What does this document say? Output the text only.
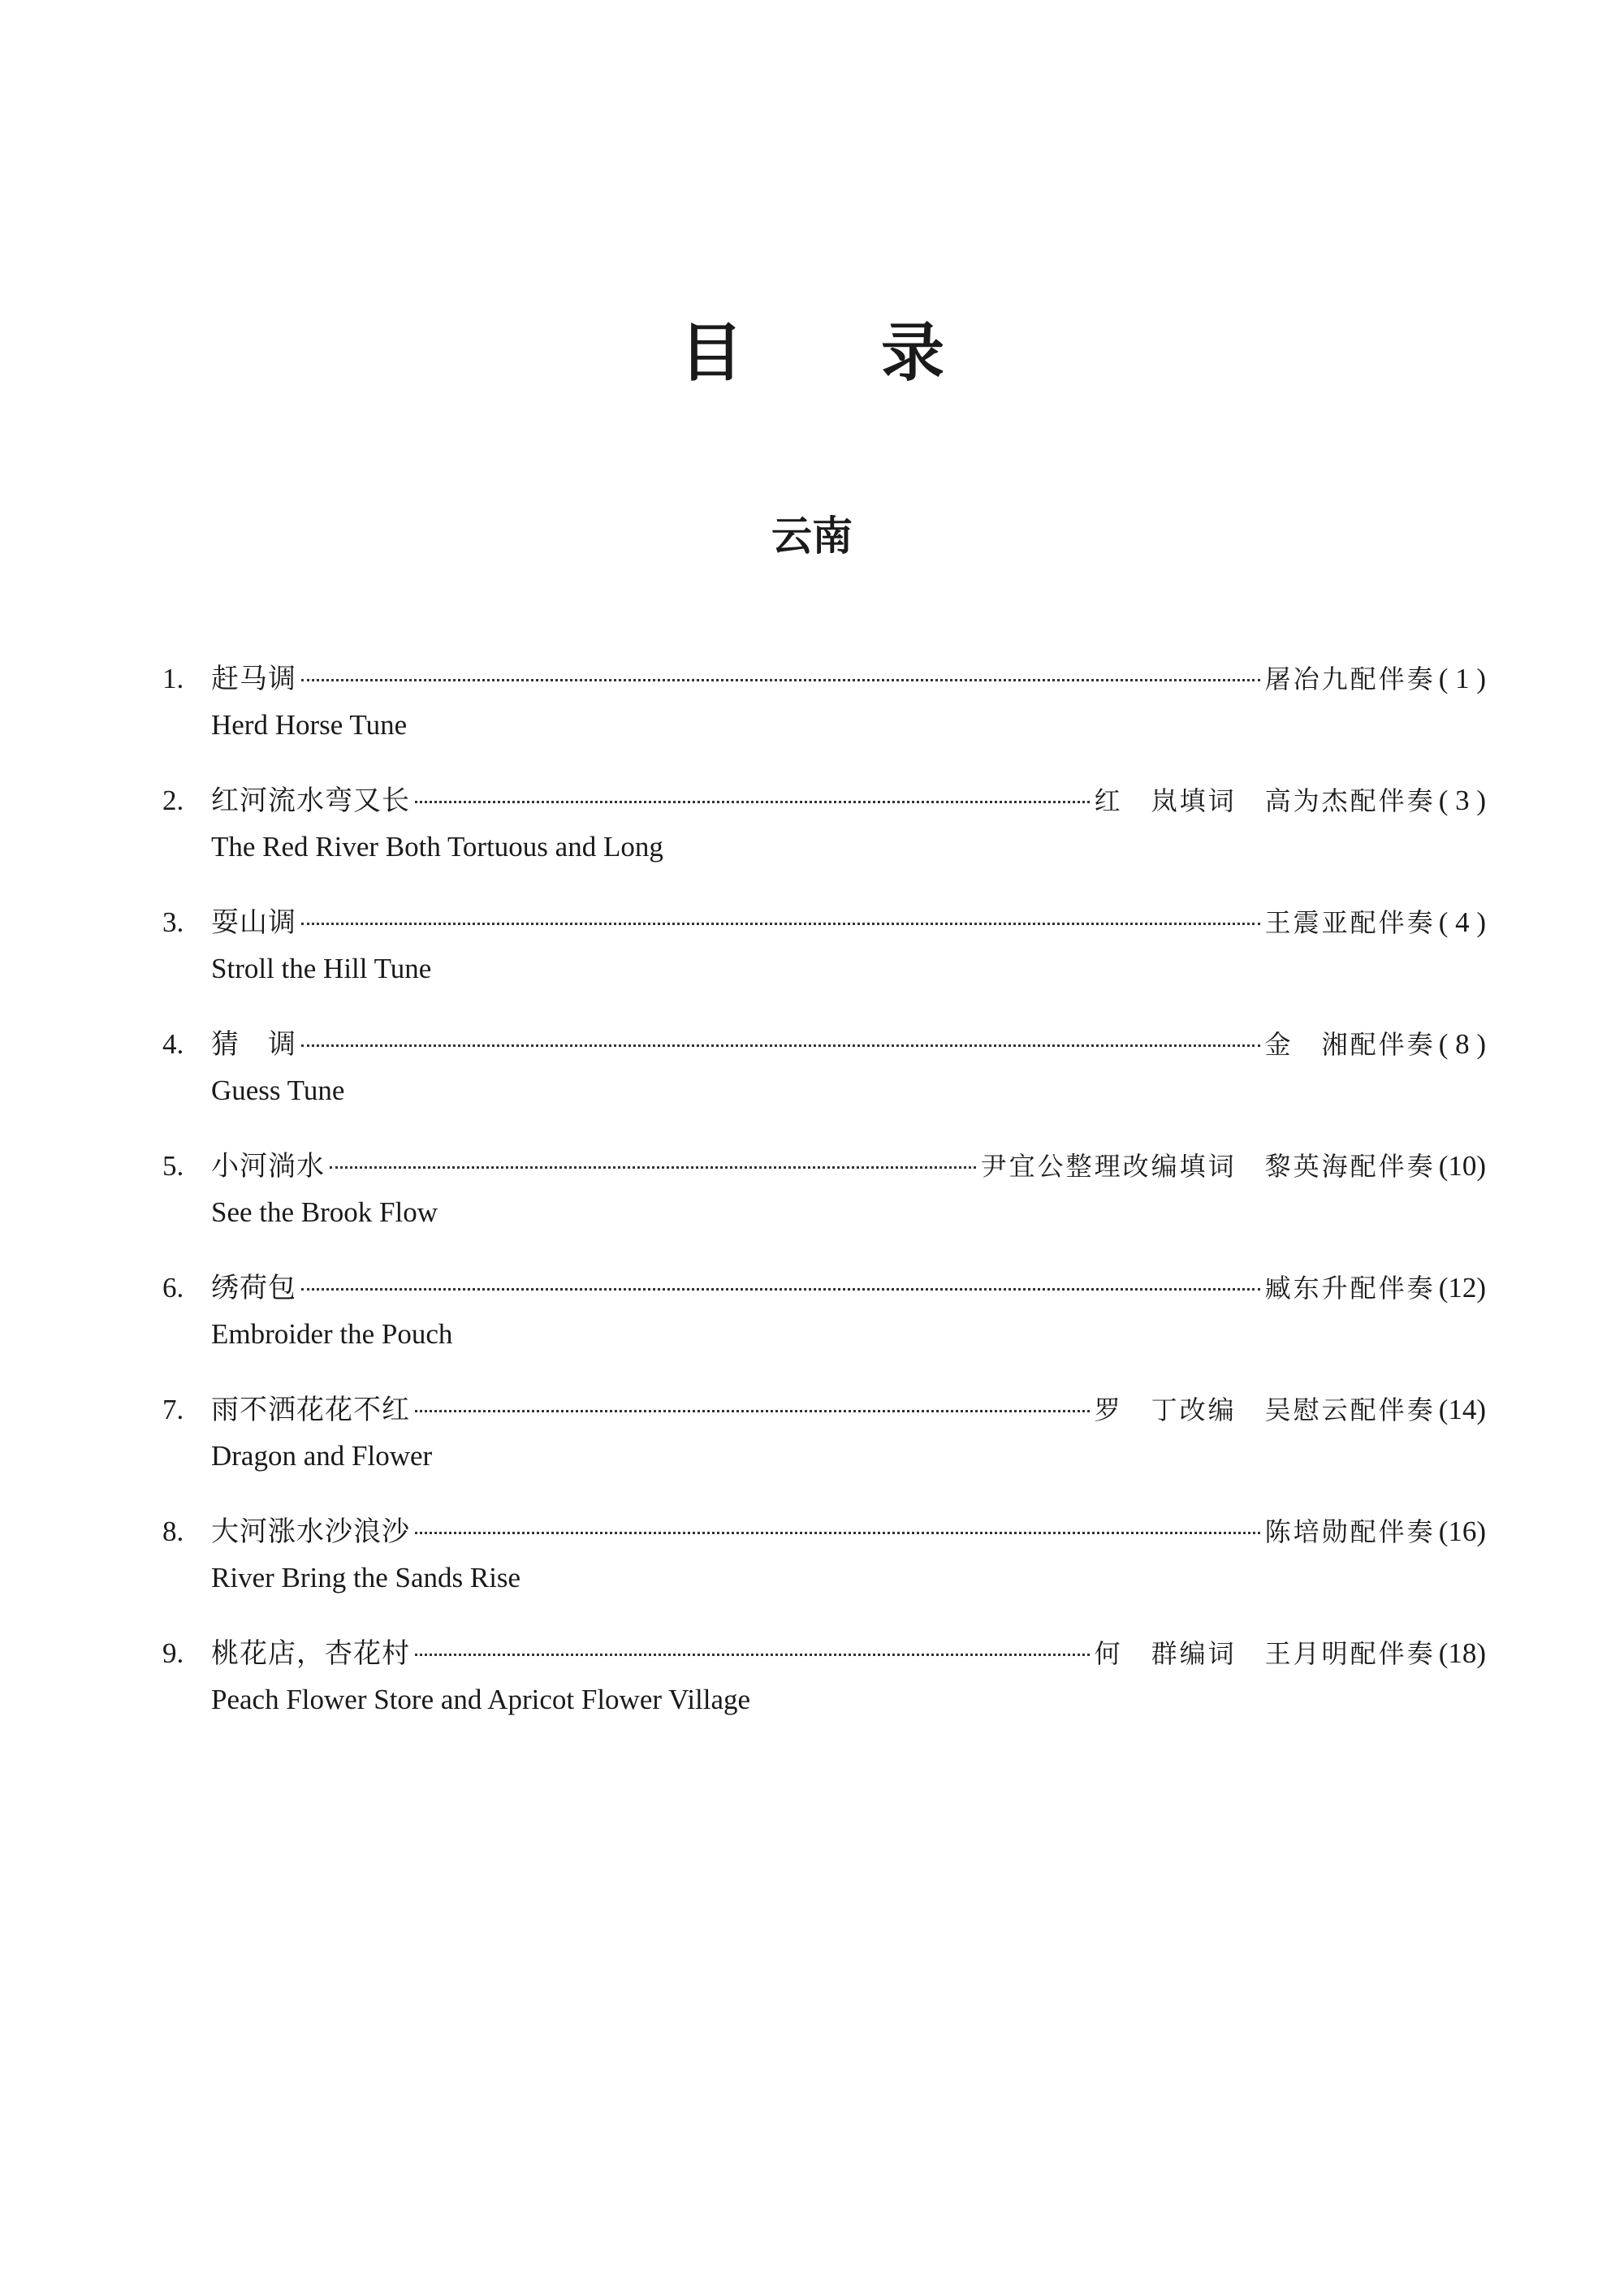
目 录
云南
1. 赶马调	屠冶九配伴奏 ( 1 )
Herd Horse Tune
2. 红河流水弯又长	红　岚填词　高为杰配伴奏 ( 3 )
The Red River Both Tortuous and Long
3. 耍山调	王震亚配伴奏 ( 4 )
Stroll the Hill Tune
4. 猜　调	金　湘配伴奏 ( 8 )
Guess Tune
5. 小河淌水	尹宜公整理改编填词　黎英海配伴奏 (10)
See the Brook Flow
6. 绣荷包	臧东升配伴奏 (12)
Embroider the Pouch
7. 雨不洒花花不红	罗　丁改编　吴慰云配伴奏 (14)
Dragon and Flower
8. 大河涨水沙浪沙	陈培勋配伴奏 (16)
River Bring the Sands Rise
9. 桃花店，杏花村	何　群编词　王月明配伴奏 (18)
Peach Flower Store and Apricot Flower Village
